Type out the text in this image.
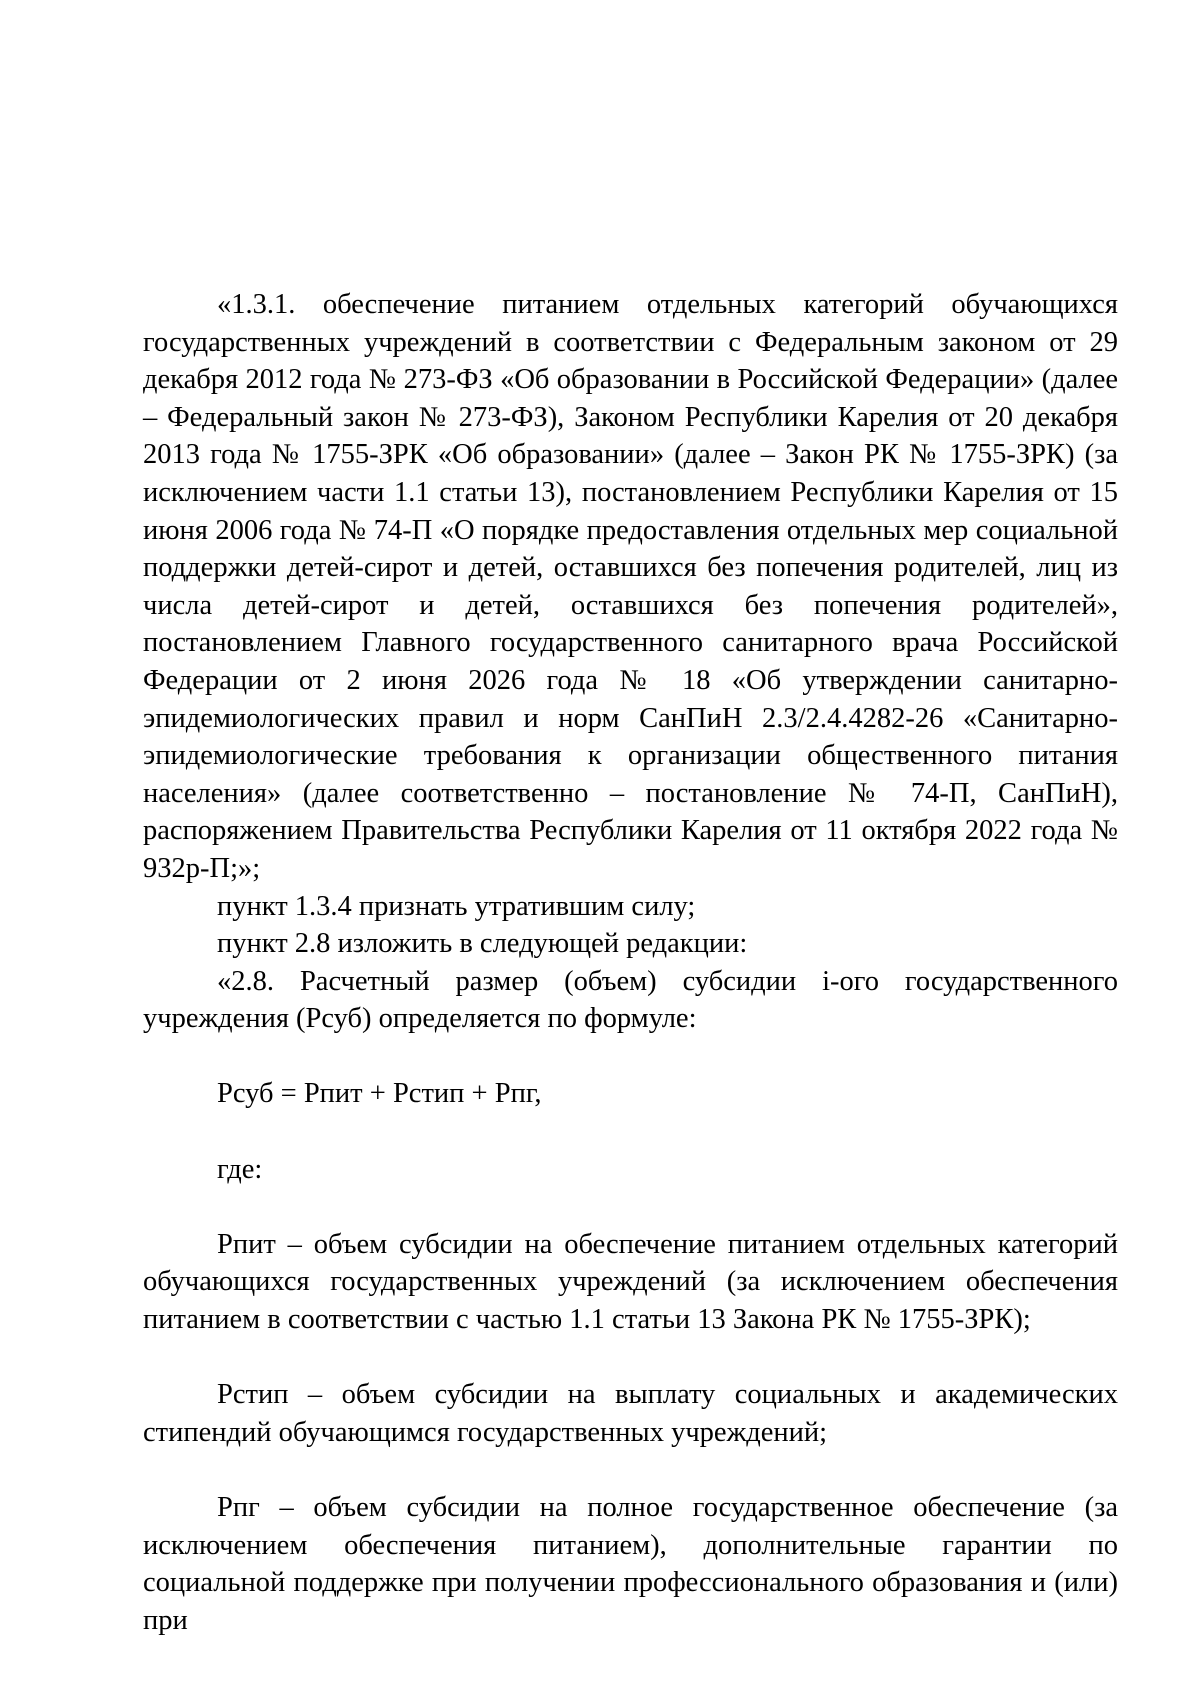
«1.3.1. обеспечение питанием отдельных категорий обучающихся государственных учреждений в соответствии с Федеральным законом от 29 декабря 2012 года № 273-ФЗ «Об образовании в Российской Федерации» (далее – Федеральный закон № 273-ФЗ), Законом Республики Карелия от 20 декабря 2013 года № 1755-ЗРК «Об образовании» (далее – Закон РК № 1755-ЗРК) (за исключением части 1.1 статьи 13), постановлением Республики Карелия от 15 июня 2006 года № 74-П «О порядке предоставления отдельных мер социальной поддержки детей-сирот и детей, оставшихся без попечения родителей, лиц из числа детей-сирот и детей, оставшихся без попечения родителей», постановлением Главного государственного санитарного врача Российской Федерации от 2 июня 2026 года № 18 «Об утверждении санитарно-эпидемиологических правил и норм СанПиН 2.3/2.4.4282-26 «Санитарно-эпидемиологические требования к организации общественного питания населения» (далее соответственно – постановление № 74-П, СанПиН), распоряжением Правительства Республики Карелия от 11 октября 2022 года № 932р-П;»;

пункт 1.3.4 признать утратившим силу;

пункт 2.8 изложить в следующей редакции:

«2.8. Расчетный размер (объем) субсидии i-ого государственного учреждения (Pсуб) определяется по формуле:

Pсуб = Pпит + Pстип + Pпг,

где:

Pпит – объем субсидии на обеспечение питанием отдельных категорий обучающихся государственных учреждений (за исключением обеспечения питанием в соответствии с частью 1.1 статьи 13 Закона РК № 1755-ЗРК);

Pстип – объем субсидии на выплату социальных и академических стипендий обучающимся государственных учреждений;

Pпг – объем субсидии на полное государственное обеспечение (за исключением обеспечения питанием), дополнительные гарантии по социальной поддержке при получении профессионального образования и (или) при
